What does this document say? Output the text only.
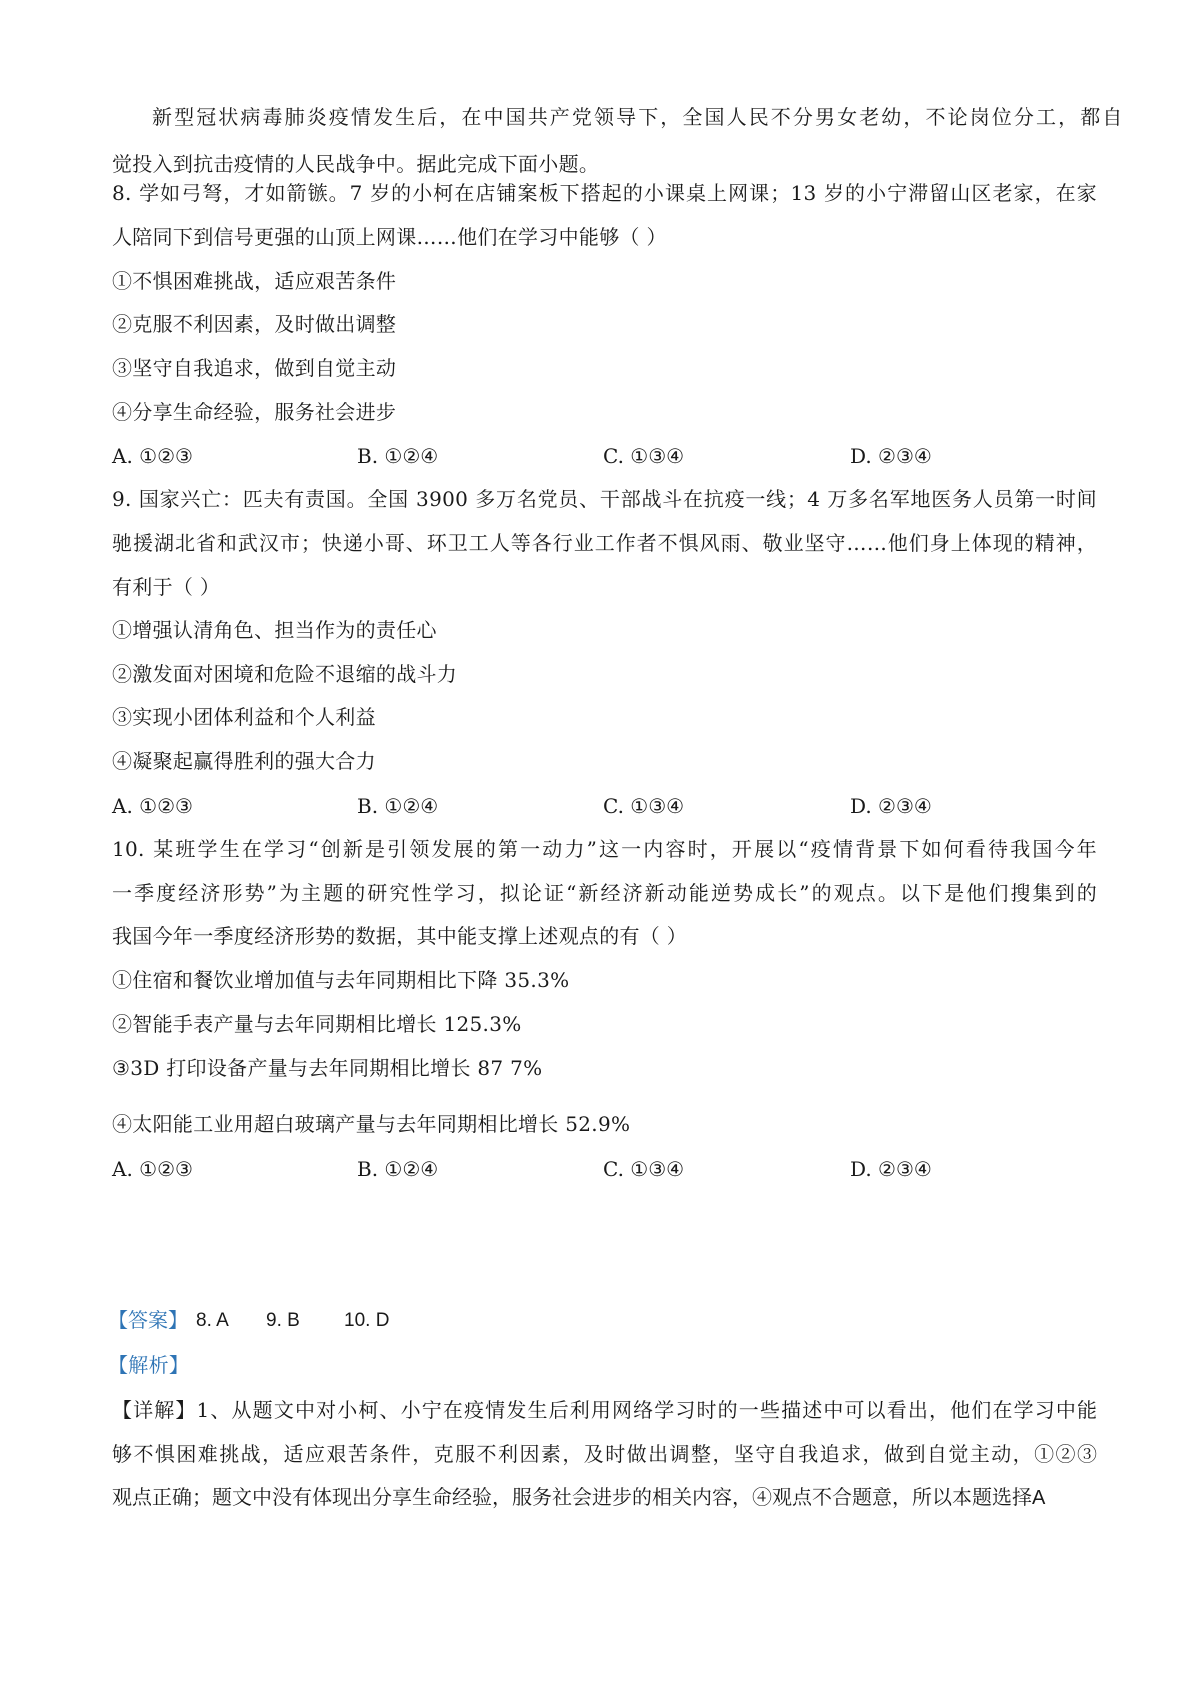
新型冠状病毒肺炎疫情发生后，在中国共产党领导下，全国人民不分男女老幼，不论岗位分工，都自
觉投入到抗击疫情的人民战争中。据此完成下面小题。
8. 学如弓弩，才如箭镞。7 岁的小柯在店铺案板下搭起的小课桌上网课；13 岁的小宁滞留山区老家，在家
人陪同下到信号更强的山顶上网课……他们在学习中能够（ ）
①不惧困难挑战，适应艰苦条件
②克服不利因素，及时做出调整
③坚守自我追求，做到自觉主动
④分享生命经验，服务社会进步
A. ①②③	B. ①②④	C. ①③④	D. ②③④
9. 国家兴亡：匹夫有责国。全国 3900 多万名党员、干部战斗在抗疫一线；4 万多名军地医务人员第一时间
驰援湖北省和武汉市；快递小哥、环卫工人等各行业工作者不惧风雨、敬业坚守……他们身上体现的精神，
有利于（ ）
①增强认清角色、担当作为的责任心
②激发面对困境和危险不退缩的战斗力
③实现小团体利益和个人利益
④凝聚起赢得胜利的强大合力
A. ①②③	B. ①②④	C. ①③④	D. ②③④
10. 某班学生在学习“创新是引领发展的第一动力”这一内容时，开展以“疫情背景下如何看待我国今年
一季度经济形势”为主题的研究性学习，拟论证“新经济新动能逆势成长”的观点。以下是他们搜集到的
我国今年一季度经济形势的数据，其中能支撑上述观点的有（ ）
①住宿和餐饮业增加值与去年同期相比下降 35.3%
②智能手表产量与去年同期相比增长 125.3%
③3D 打印设备产量与去年同期相比增长 87 7%
④太阳能工业用超白玻璃产量与去年同期相比增长 52.9%
A. ①②③	B. ①②④	C. ①③④	D. ②③④
【答案】 8. A 9. B 10. D
【解析】
【详解】1、从题文中对小柯、小宁在疫情发生后利用网络学习时的一些描述中可以看出，他们在学习中能
够不惧困难挑战，适应艰苦条件，克服不利因素，及时做出调整，坚守自我追求，做到自觉主动，①②③
观点正确；题文中没有体现出分享生命经验，服务社会进步的相关内容，④观点不合题意，所以本题选择A
